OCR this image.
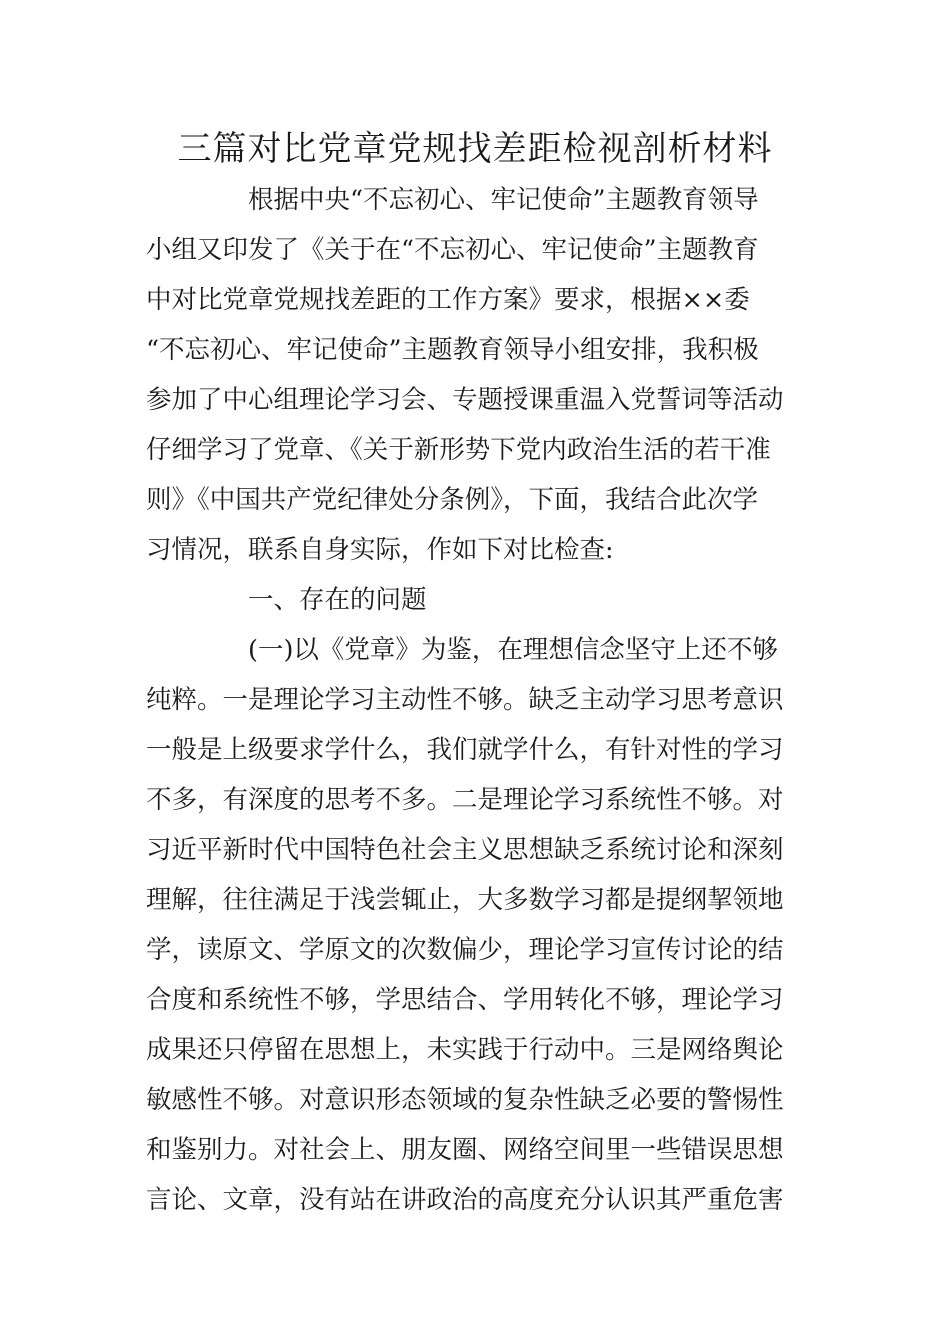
三篇对比党章党规找差距检视剖析材料
根据中央“不忘初心、牢记使命”主题教育领导
小组又印发了《关于在“不忘初心、牢记使命”主题教育
中对比党章党规找差距的工作方案》要求，根据××委
“不忘初心、牢记使命”主题教育领导小组安排，我积极
参加了中心组理论学习会、专题授课重温入党誓词等活动
仔细学习了党章、《关于新形势下党内政治生活的若干准
则》《中国共产党纪律处分条例》，下面，我结合此次学
习情况，联系自身实际，作如下对比检查:
一、存在的问题
(一)以《党章》为鉴，在理想信念坚守上还不够
纯粹。一是理论学习主动性不够。缺乏主动学习思考意识
一般是上级要求学什么，我们就学什么，有针对性的学习
不多，有深度的思考不多。二是理论学习系统性不够。对
习近平新时代中国特色社会主义思想缺乏系统讨论和深刻
理解，往往满足于浅尝辄止，大多数学习都是提纲挈领地
学，读原文、学原文的次数偏少，理论学习宣传讨论的结
合度和系统性不够，学思结合、学用转化不够，理论学习
成果还只停留在思想上，未实践于行动中。三是网络舆论
敏感性不够。对意识形态领域的复杂性缺乏必要的警惕性
和鉴别力。对社会上、朋友圈、网络空间里一些错误思想
言论、文章，没有站在讲政治的高度充分认识其严重危害
